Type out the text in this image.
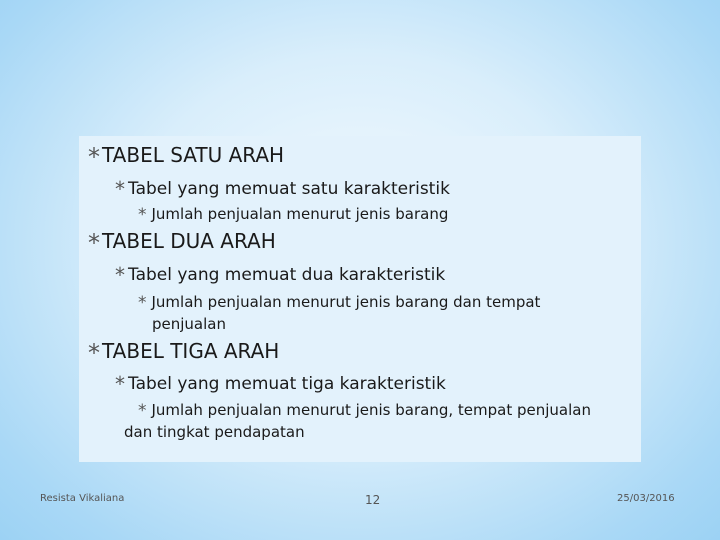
* TABEL SATU ARAH
* Tabel yang memuat satu karakteristik
* Jumlah penjualan menurut jenis barang
* TABEL DUA ARAH
* Tabel yang memuat dua karakteristik
* Jumlah penjualan menurut jenis barang dan tempat
penjualan
* TABEL TIGA ARAH
* Tabel yang memuat tiga karakteristik
* Jumlah penjualan menurut jenis barang, tempat penjualan
dan tingkat pendapatan
Resista Vikaliana	12	25/03/2016
